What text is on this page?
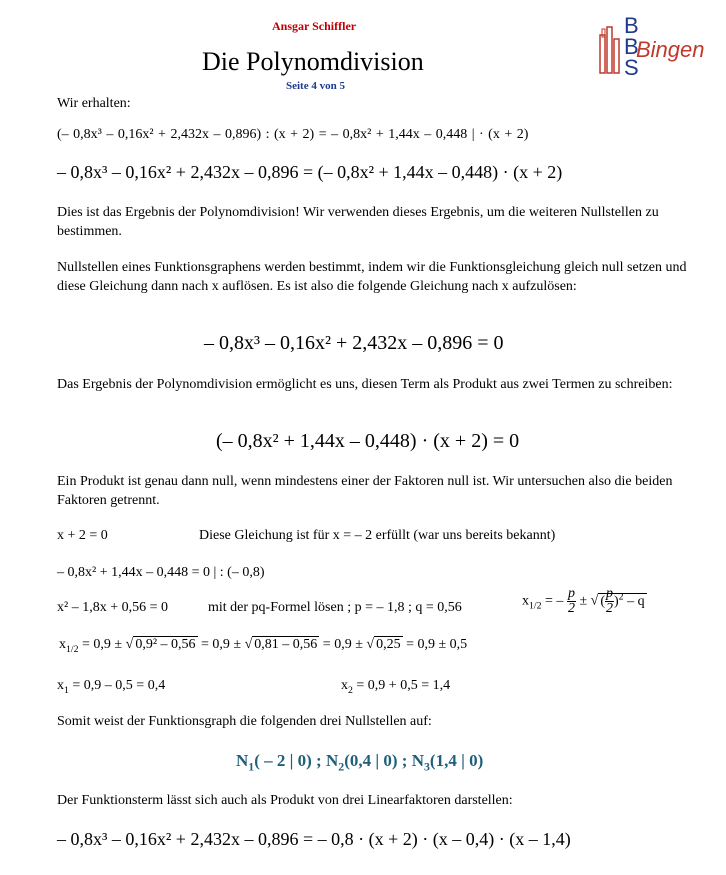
Ansgar Schiffler
Die Polynomdivision
Seite 4 von 5
B
B
S
Bingen
Wir erhalten:
(– 0,8x³ – 0,16x² + 2,432x – 0,896) : (x + 2) = – 0,8x² + 1,44x – 0,448 | · (x + 2)
– 0,8x³ – 0,16x² + 2,432x – 0,896 = (– 0,8x² + 1,44x – 0,448) · (x + 2)
Dies ist das Ergebnis der Polynomdivision! Wir verwenden dieses Ergebnis, um die weiteren Nullstellen zu bestimmen.
Nullstellen eines Funktionsgraphens werden bestimmt, indem wir die Funktionsgleichung gleich null setzen und diese Gleichung dann nach x auflösen. Es ist also die folgende Gleichung nach x aufzulösen:
– 0,8x³ – 0,16x² + 2,432x – 0,896 = 0
Das Ergebnis der Polynomdivision ermöglicht es uns, diesen Term als Produkt aus zwei Termen zu schreiben:
(– 0,8x² + 1,44x – 0,448) · (x + 2) = 0
Ein Produkt ist genau dann null, wenn mindestens einer der Faktoren null ist. Wir untersuchen also die beiden Faktoren getrennt.
x + 2 = 0	Diese Gleichung ist für x = – 2 erfüllt (war uns bereits bekannt)
– 0,8x² + 1,44x – 0,448 = 0 | : (– 0,8)
x² – 1,8x + 0,56 = 0	mit der pq-Formel lösen ; p = – 1,8 ; q = 0,56	$x_{1/2}$ = – $\frac{p}{2}$ ± √ ( $\frac{p}{2} )^2$ – q
$x_{1/2} = 0,9$ ± √ 0,9² – 0,56 = 0,9 ± √ 0,81 – 0,56 = 0,9 ± √ 0,25 = 0,9 ± 0,5
$x_1 = 0,9 - 0,5 = 0,4$	$x_2 = 0,9 + 0,5 = 1,4$
Somit weist der Funktionsgraph die folgenden drei Nullstellen auf:
$N_1( - 2$ | 0) ; $N_2(0,4$ | 0) ; $N_3(1,4$ | 0)
Der Funktionsterm lässt sich auch als Produkt von drei Linearfaktoren darstellen:
– 0,8x³ – 0,16x² + 2,432x – 0,896 = – 0,8 · (x + 2) · (x – 0,4) · (x – 1,4)
